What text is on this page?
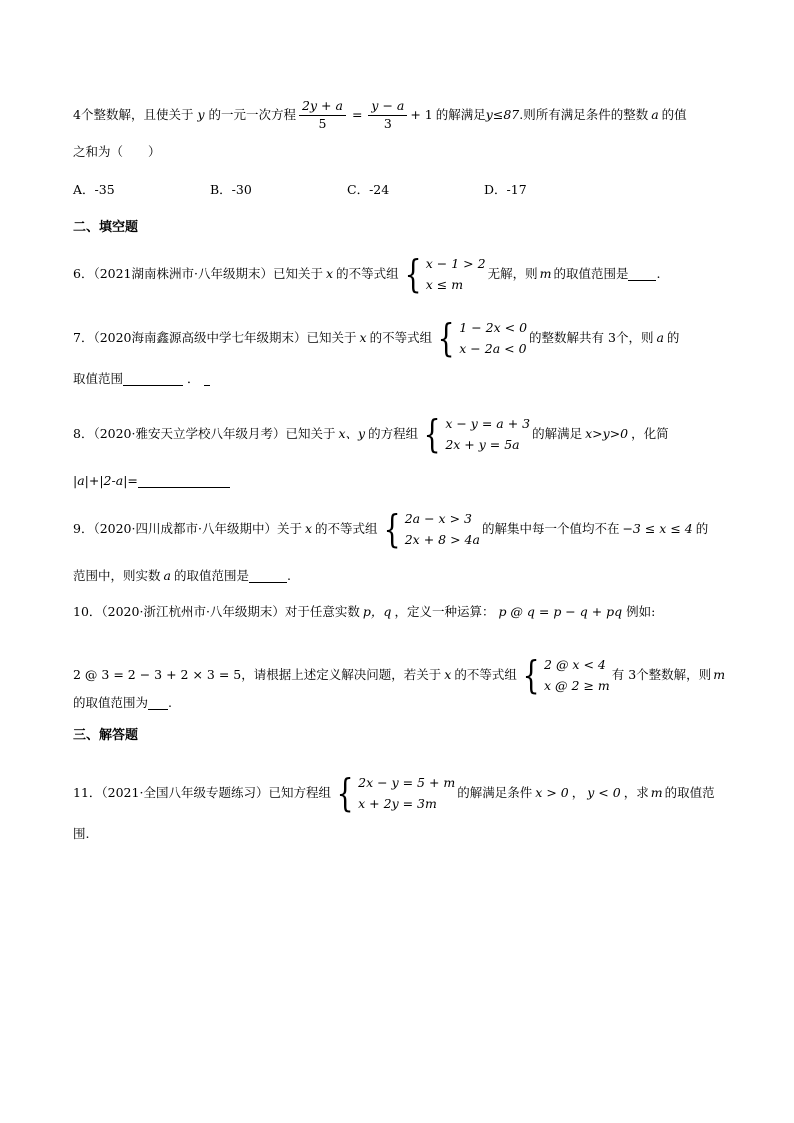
4个整数解，且使关于 y 的一元一次方程 $\frac{2y + a}{5} = \frac{y - a}{3} + 1$ 的解满足 y≤87 .则所有满足条件的整数 a 的值
之和为（　　）
A．-35	B．-30	C．-24	D．-17
二、填空题
6．（2021湖南株洲市·八年级期末）已知关于 x 的不等式组 { x − 1 > 2
x ≤ m
无解，则 m 的取值范围是 .
7．（2020海南鑫源高级中学七年级期末）已知关于 x 的不等式组 { 1 − 2x < 0
x − 2a < 0
的整数解共有 3个，则 a 的
取值范围	．
8．（2020·雅安天立学校八年级月考）已知关于 x、y 的方程组 { x − y = a + 3
2x + y = 5a
的解满足 x>y>0 ，化简
|a|+|2-a|=
9．（2020·四川成都市·八年级期中）关于 x 的不等式组 { 2a − x > 3
2x + 8 > 4a
的解集中每一个值均不在 −3 ≤ x ≤ 4 的
范围中，则实数 a 的取值范围是	.
10．（2020·浙江杭州市·八年级期末）对于任意实数 p，q ，定义一种运算： p @ q = p − q + pq 例如:
2 @ 3 = 2 − 3 + 2 × 3 = 5 ，请根据上述定义解决问题，若关于 x 的不等式组 { 2 @ x < 4
x @ 2 ≥ m
有 3个整数解，则 m
的取值范围为 .
三、解答题
11．（2021·全国八年级专题练习）已知方程组 { 2x − y = 5 + m
x + 2y = 3m
的解满足条件 x > 0 ， y < 0 ，求 m 的取值范
围.
